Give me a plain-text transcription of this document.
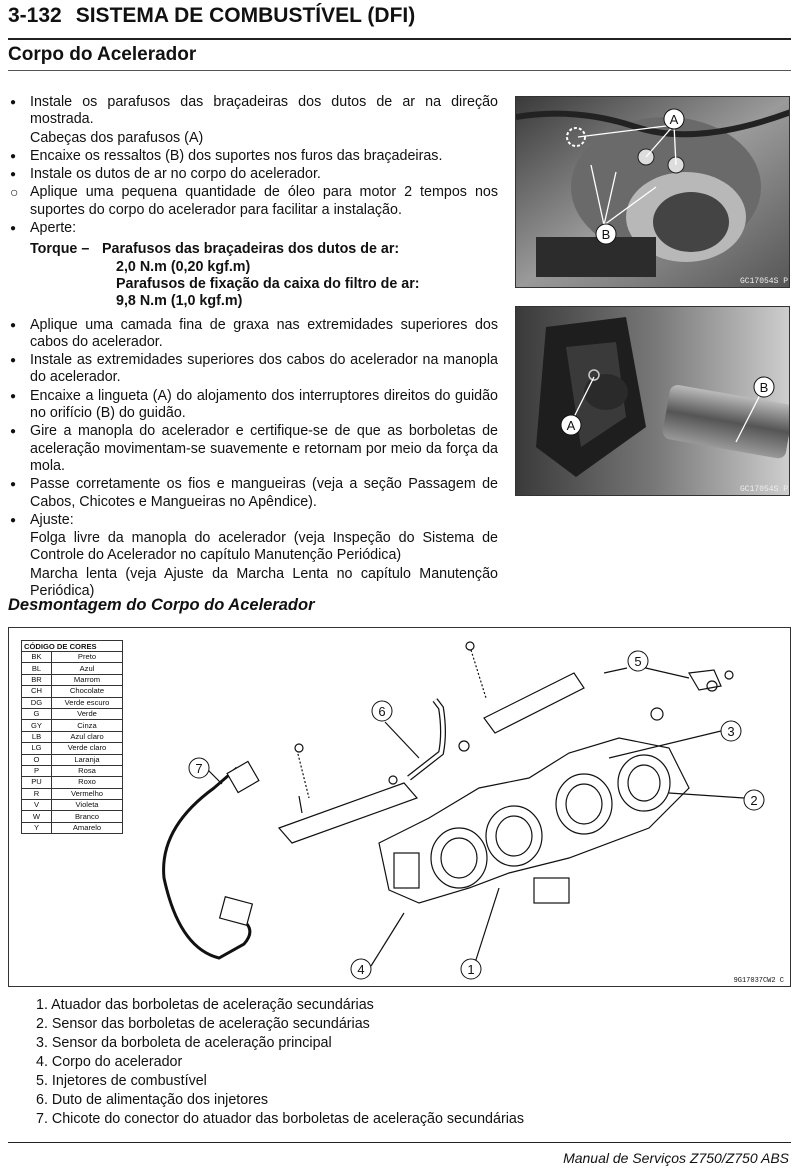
3-132 SISTEMA DE COMBUSTÍVEL (DFI)
Corpo do Acelerador
●

Instale os parafusos das braçadeiras dos dutos de ar na direção mostrada.

Cabeças dos parafusos (A)

●

Encaixe os ressaltos (B) dos suportes nos furos das braçadeiras.

●

Instale os dutos de ar no corpo do acelerador.

○

Aplique uma pequena quantidade de óleo para motor 2 tempos nos suportes do corpo do acelerador para facilitar a instalação.

●

Aperte:

Torque – Parafusos das braçadeiras dos dutos de ar:
2,0 N.m (0,20 kgf.m)
Parafusos de fixação da caixa do filtro de ar:
9,8 N.m (1,0 kgf.m)
●

Aplique uma camada fina de graxa nas extremidades superiores dos cabos do acelerador.

●

Instale as extremidades superiores dos cabos do acelerador na manopla do acelerador.

●

Encaixe a lingueta (A) do alojamento dos interruptores direitos do guidão no orifício (B) do guidão.

●

Gire a manopla do acelerador e certifique-se de que as borboletas de aceleração movimentam-se suavemente e retornam por meio da força da mola.

●

Passe corretamente os fios e mangueiras (veja a seção Passagem de Cabos, Chicotes e Mangueiras no Apêndice).

●

Ajuste:

Folga livre da manopla do acelerador (veja Inspeção do Sistema de Controle do Acelerador no capítulo Manutenção Periódica)

Marcha lenta (veja Ajuste da Marcha Lenta no capítulo Manutenção Periódica)

A
B
GC17054S P
A
B
GC17054S P
Desmontagem do Corpo do Acelerador
CÓDIGO DE CORES	
BK	Preto
BL	Azul
BR	Marrom
CH	Chocolate
DG	Verde escuro
G	Verde
GY	Cinza
LB	Azul claro
LG	Verde claro
O	Laranja
P	Rosa
PU	Roxo
R	Vermelho
V	Violeta
W	Branco
Y	Amarelo
1
2
3
4
5
6
7
9G17037CW2 C
1. Atuador das borboletas de aceleração secundárias
2. Sensor das borboletas de aceleração secundárias
3. Sensor da borboleta de aceleração principal
4. Corpo do acelerador
5. Injetores de combustível
6. Duto de alimentação dos injetores
7. Chicote do conector do atuador das borboletas de aceleração secundárias
Manual de Serviços Z750/Z750 ABS
